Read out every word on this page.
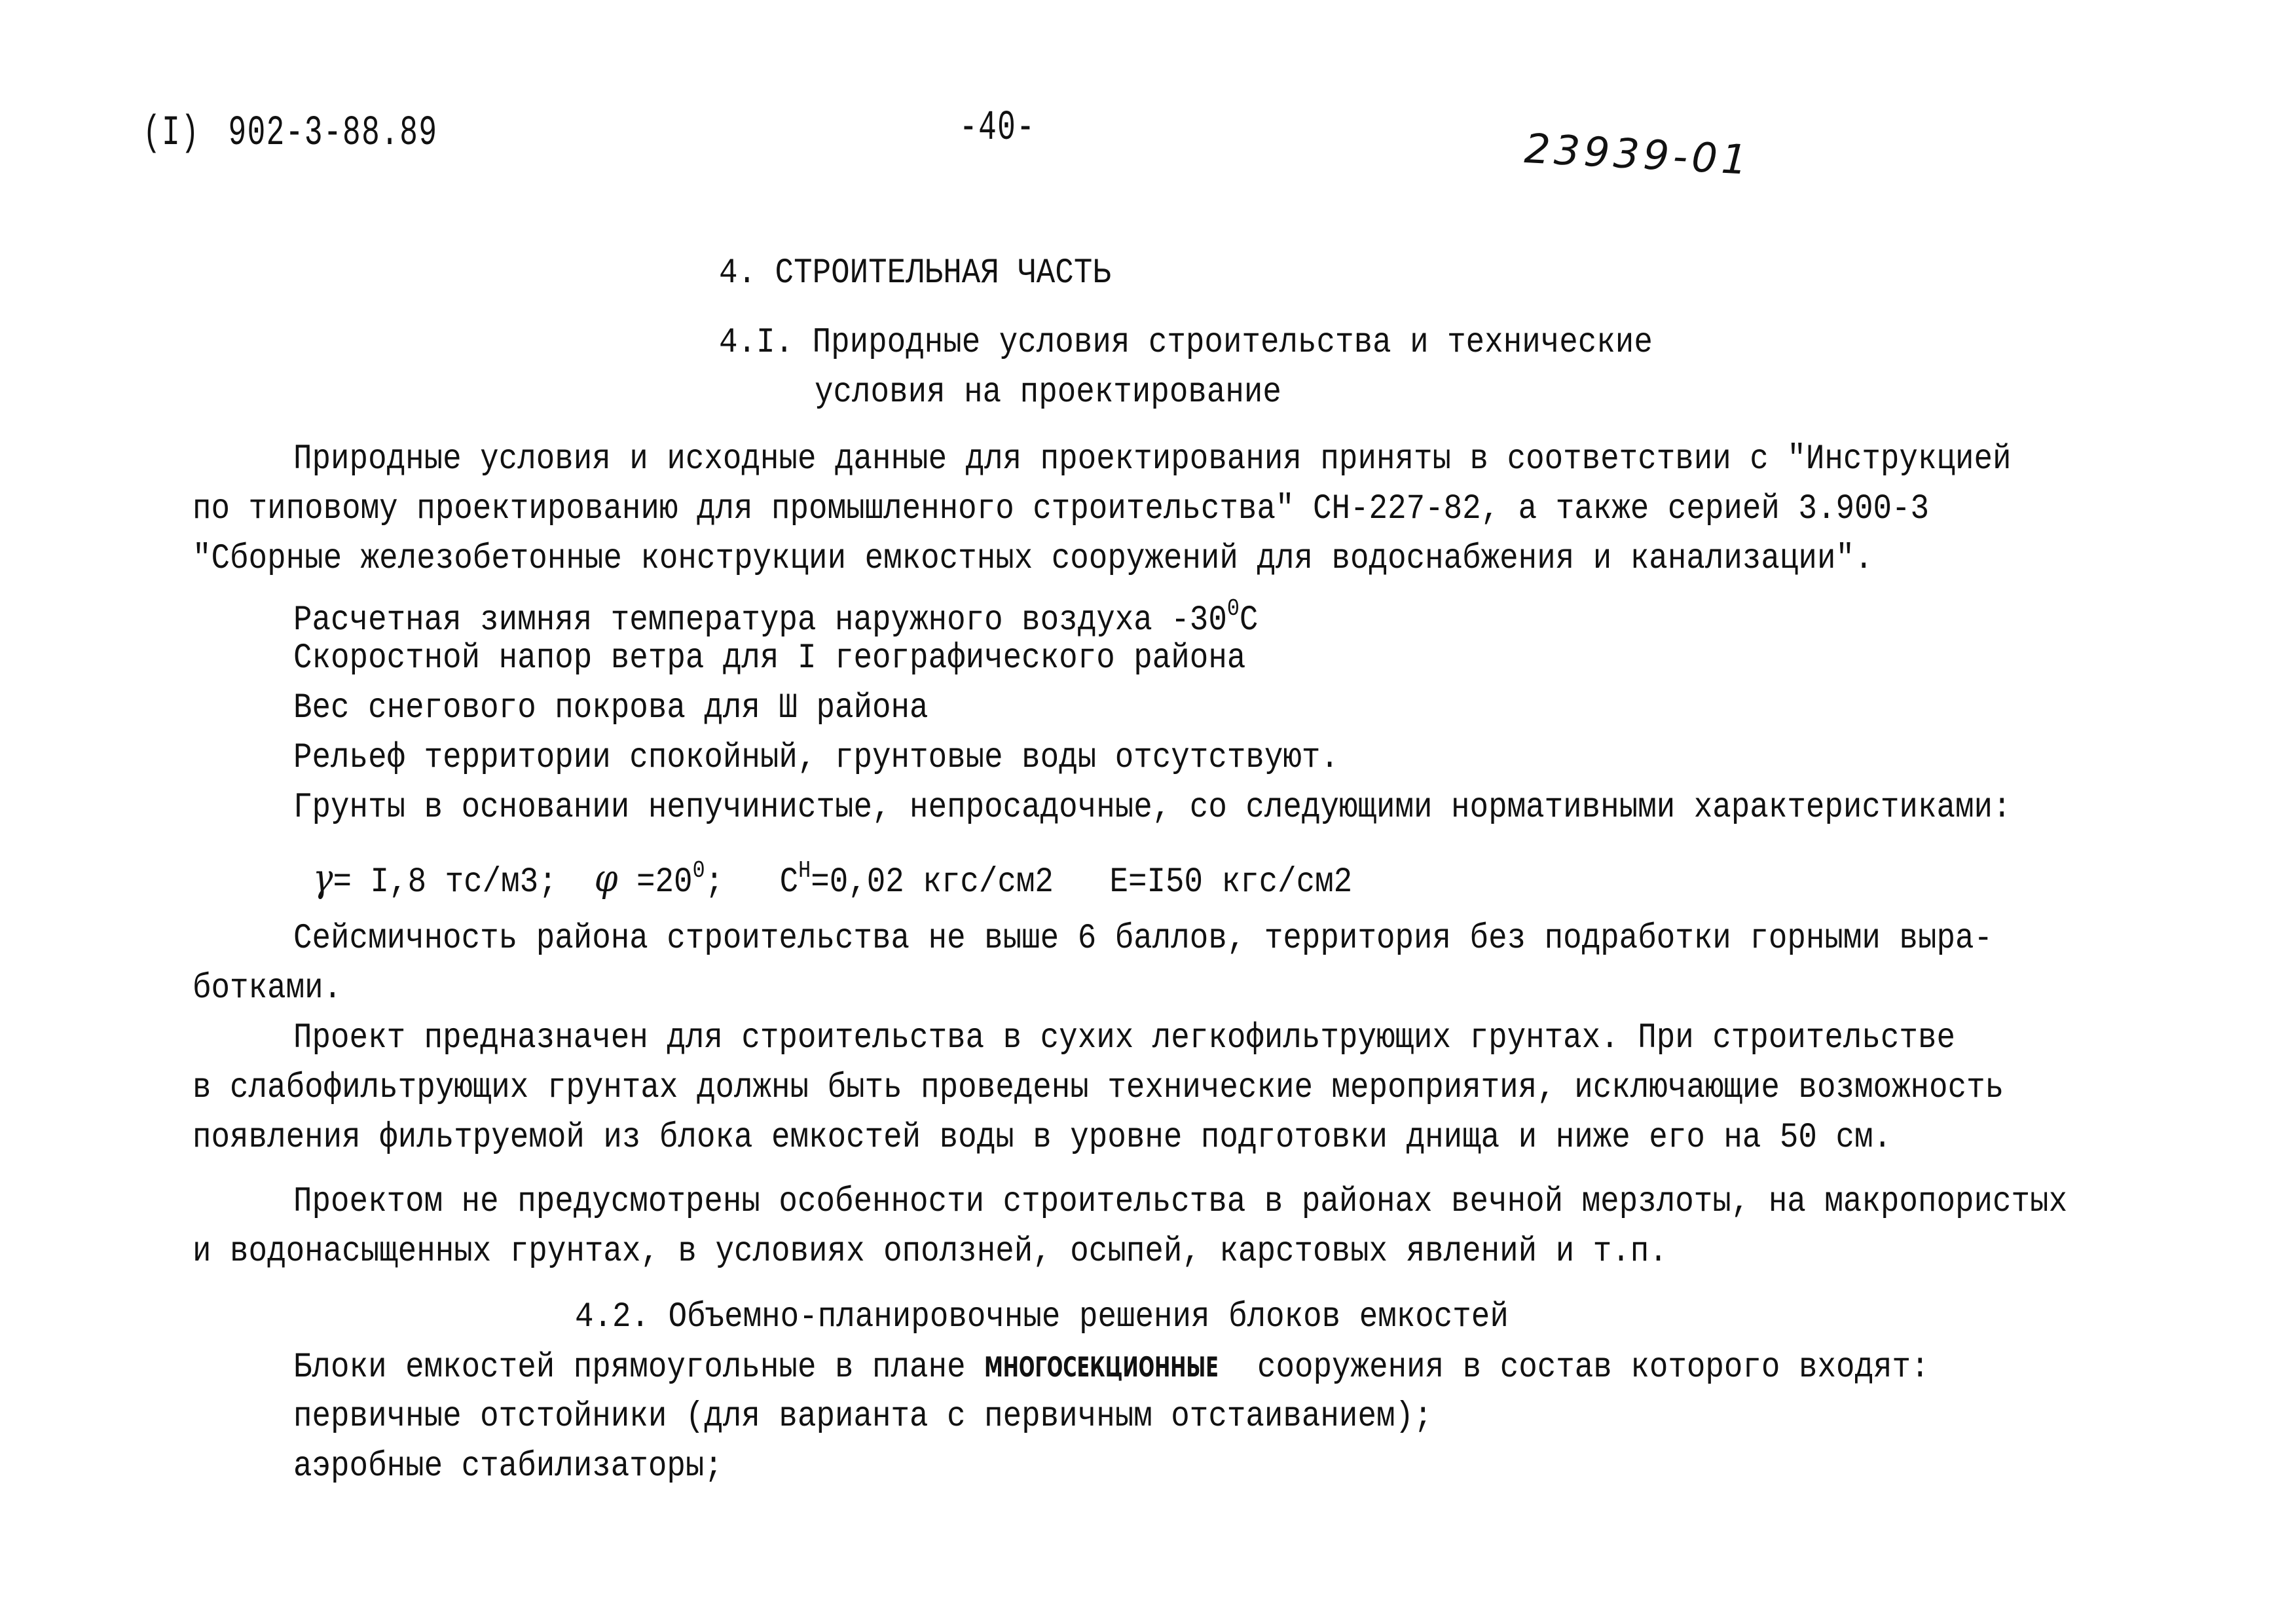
(I) 902-3-88.89	-40-	23939-01
4. СТРОИТЕЛЬНАЯ ЧАСТЬ
4.I. Природные условия строительства и технические
условия на проектирование
Природные условия и исходные данные для проектирования приняты в соответствии с "Инструкцией
по типовому проектированию для промышленного строительства" СН-227-82, а также серией 3.900-3
"Сборные железобетонные конструкции емкостных сооружений для водоснабжения и канализации".
Расчетная зимняя температура наружного воздуха $-30^0С$
Скоростной напор ветра для I географического района
Вес снегового покрова для Ш района
Рельеф территории спокойный, грунтовые воды отсутствуют.
Грунты в основании непучинистые, непросадочные, со следующими нормативными характеристиками:
γ= I,8 тс/м3; $\varphi =20^0$; $C^Н=0,02$ кгс/см2 E=I50 кгс/см2
Сейсмичность района строительства не выше 6 баллов, территория без подработки горными выра-
ботками.
Проект предназначен для строительства в сухих легкофильтрующих грунтах. При строительстве
в слабофильтрующих грунтах должны быть проведены технические мероприятия, исключающие возможность
появления фильтруемой из блока емкостей воды в уровне подготовки днища и ниже его на 50 см.
Проектом не предусмотрены особенности строительства в районах вечной мерзлоты, на макропористых
и водонасыщенных грунтах, в условиях оползней, осыпей, карстовых явлений и т.п.
4.2. Объемно-планировочные решения блоков емкостей
Блоки емкостей прямоугольные в плане МНОГОСЕКЦИОННЫЕ сооружения в состав которого входят:
первичные отстойники (для варианта с первичным отстаиванием);
аэробные стабилизаторы;
